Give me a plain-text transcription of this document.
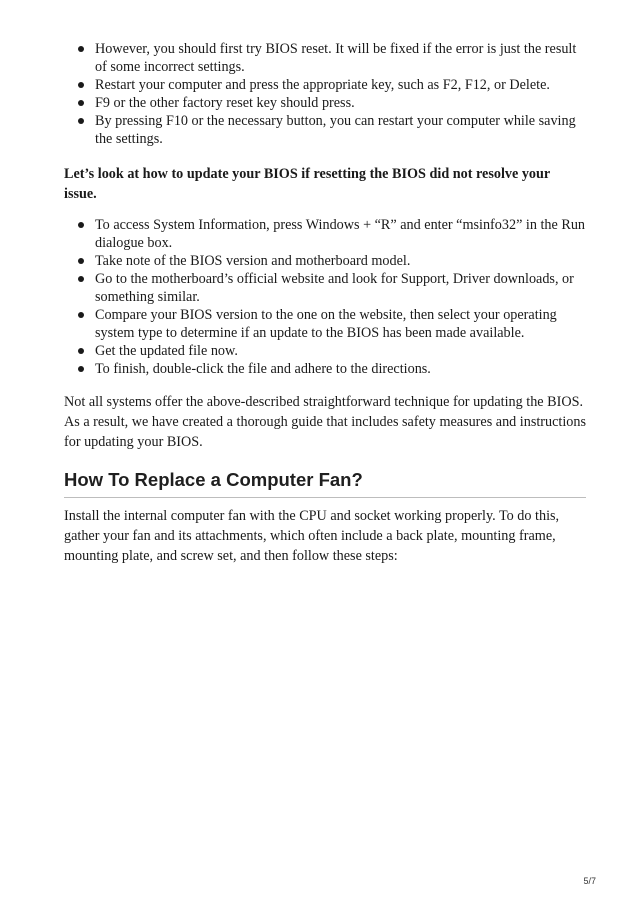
However, you should first try BIOS reset. It will be fixed if the error is just the result of some incorrect settings.
Restart your computer and press the appropriate key, such as F2, F12, or Delete.
F9 or the other factory reset key should press.
By pressing F10 or the necessary button, you can restart your computer while saving the settings.

Let’s look at how to update your BIOS if resetting the BIOS did not resolve your issue.

To access System Information, press Windows + “R” and enter “msinfo32” in the Run dialogue box.
Take note of the BIOS version and motherboard model.
Go to the motherboard’s official website and look for Support, Driver downloads, or something similar.
Compare your BIOS version to the one on the website, then select your operating system type to determine if an update to the BIOS has been made available.
Get the updated file now.
To finish, double-click the file and adhere to the directions.

Not all systems offer the above-described straightforward technique for updating the BIOS. As a result, we have created a thorough guide that includes safety measures and instructions for updating your BIOS.

How To Replace a Computer Fan?

Install the internal computer fan with the CPU and socket working properly. To do this, gather your fan and its attachments, which often include a back plate, mounting frame, mounting plate, and screw set, and then follow these steps:

5/7
